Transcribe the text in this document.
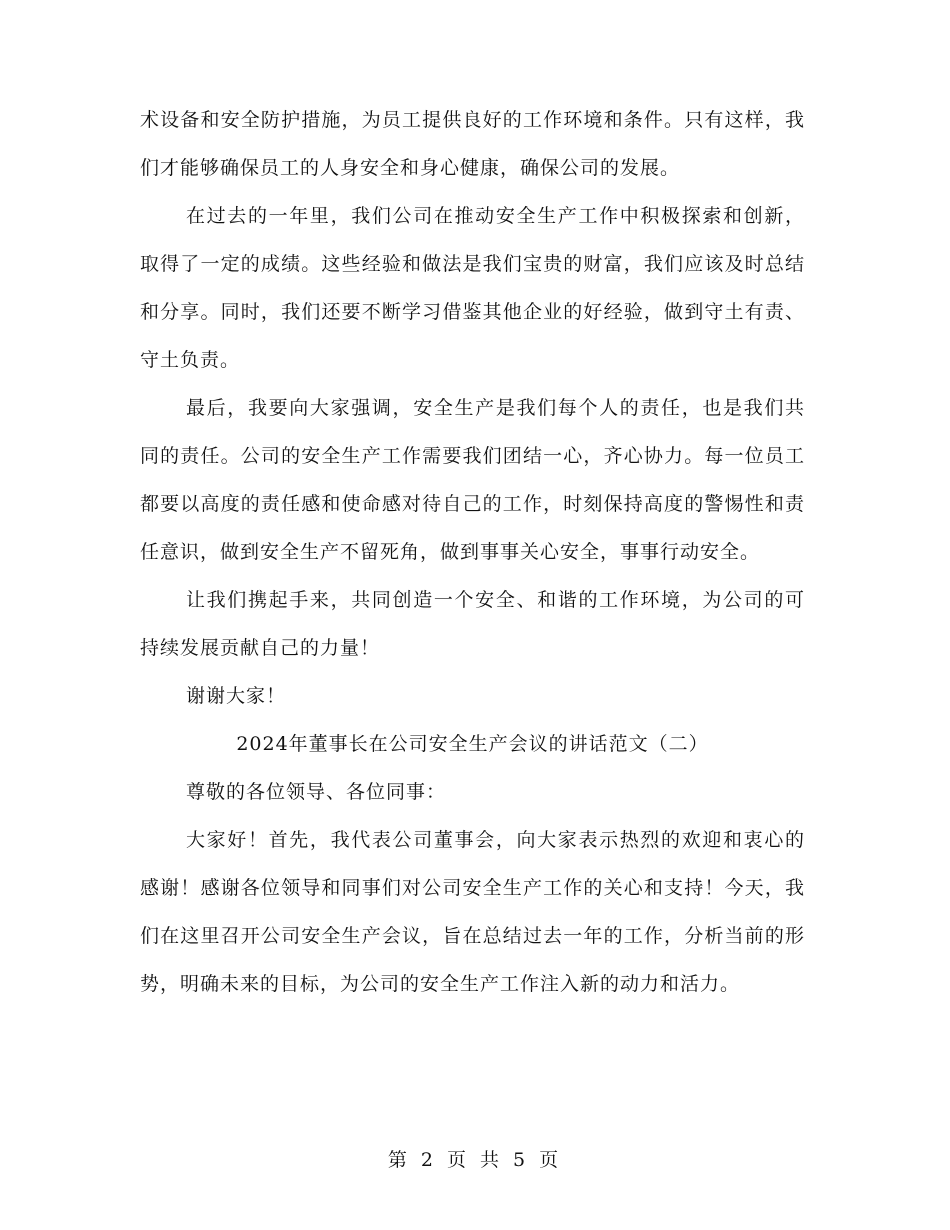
术设备和安全防护措施，为员工提供良好的工作环境和条件。只有这样，我们才能够确保员工的人身安全和身心健康，确保公司的发展。

在过去的一年里，我们公司在推动安全生产工作中积极探索和创新，取得了一定的成绩。这些经验和做法是我们宝贵的财富，我们应该及时总结和分享。同时，我们还要不断学习借鉴其他企业的好经验，做到守土有责、守土负责。

最后，我要向大家强调，安全生产是我们每个人的责任，也是我们共同的责任。公司的安全生产工作需要我们团结一心，齐心协力。每一位员工都要以高度的责任感和使命感对待自己的工作，时刻保持高度的警惕性和责任意识，做到安全生产不留死角，做到事事关心安全，事事行动安全。

让我们携起手来，共同创造一个安全、和谐的工作环境，为公司的可持续发展贡献自己的力量！

谢谢大家！

2024年董事长在公司安全生产会议的讲话范文（二）

尊敬的各位领导、各位同事：

大家好！首先，我代表公司董事会，向大家表示热烈的欢迎和衷心的感谢！感谢各位领导和同事们对公司安全生产工作的关心和支持！今天，我们在这里召开公司安全生产会议，旨在总结过去一年的工作，分析当前的形势，明确未来的目标，为公司的安全生产工作注入新的动力和活力。

第 2 页 共 5 页
